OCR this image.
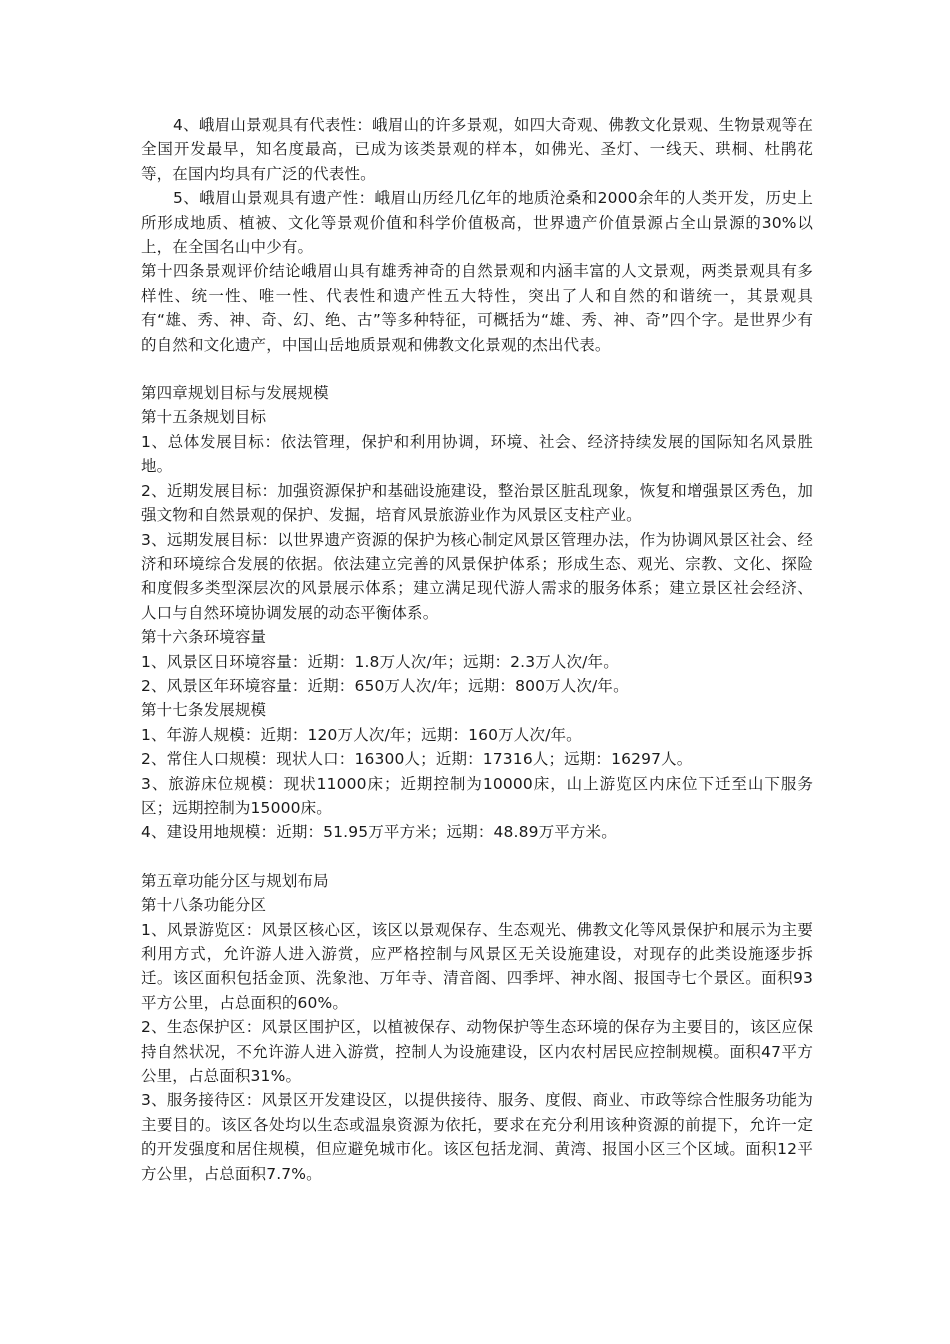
4、峨眉山景观具有代表性：峨眉山的许多景观，如四大奇观、佛教文化景观、生物景观等在全国开发最早，知名度最高，已成为该类景观的样本，如佛光、圣灯、一线天、珙桐、杜鹃花等，在国内均具有广泛的代表性。

5、峨眉山景观具有遗产性：峨眉山历经几亿年的地质沧桑和2000余年的人类开发，历史上所形成地质、植被、文化等景观价值和科学价值极高，世界遗产价值景源占全山景源的30%以上，在全国名山中少有。

第十四条景观评价结论峨眉山具有雄秀神奇的自然景观和内涵丰富的人文景观，两类景观具有多样性、统一性、唯一性、代表性和遗产性五大特性，突出了人和自然的和谐统一，其景观具有“雄、秀、神、奇、幻、绝、古”等多种特征，可概括为“雄、秀、神、奇”四个字。是世界少有的自然和文化遗产，中国山岳地质景观和佛教文化景观的杰出代表。

第四章规划目标与发展规模

第十五条规划目标

1、总体发展目标：依法管理，保护和利用协调，环境、社会、经济持续发展的国际知名风景胜地。

2、近期发展目标：加强资源保护和基础设施建设，整治景区脏乱现象，恢复和增强景区秀色，加强文物和自然景观的保护、发掘，培育风景旅游业作为风景区支柱产业。

3、远期发展目标：以世界遗产资源的保护为核心制定风景区管理办法，作为协调风景区社会、经济和环境综合发展的依据。依法建立完善的风景保护体系；形成生态、观光、宗教、文化、探险和度假多类型深层次的风景展示体系；建立满足现代游人需求的服务体系；建立景区社会经济、人口与自然环境协调发展的动态平衡体系。

第十六条环境容量

1、风景区日环境容量：近期：1.8万人次/年；远期：2.3万人次/年。

2、风景区年环境容量：近期：650万人次/年；远期：800万人次/年。

第十七条发展规模

1、年游人规模：近期：120万人次/年；远期：160万人次/年。

2、常住人口规模：现状人口：16300人；近期：17316人；远期：16297人。

3、旅游床位规模：现状11000床；近期控制为10000床，山上游览区内床位下迁至山下服务区；远期控制为15000床。

4、建设用地规模：近期：51.95万平方米；远期：48.89万平方米。

第五章功能分区与规划布局

第十八条功能分区

1、风景游览区：风景区核心区，该区以景观保存、生态观光、佛教文化等风景保护和展示为主要利用方式，允许游人进入游赏，应严格控制与风景区无关设施建设，对现存的此类设施逐步拆迁。该区面积包括金顶、洗象池、万年寺、清音阁、四季坪、神水阁、报国寺七个景区。面积93平方公里，占总面积的60%。

2、生态保护区：风景区围护区，以植被保存、动物保护等生态环境的保存为主要目的，该区应保持自然状况，不允许游人进入游赏，控制人为设施建设，区内农村居民应控制规模。面积47平方公里，占总面积31%。

3、服务接待区：风景区开发建设区，以提供接待、服务、度假、商业、市政等综合性服务功能为主要目的。该区各处均以生态或温泉资源为依托，要求在充分利用该种资源的前提下，允许一定的开发强度和居住规模，但应避免城市化。该区包括龙洞、黄湾、报国小区三个区域。面积12平方公里，占总面积7.7%。
